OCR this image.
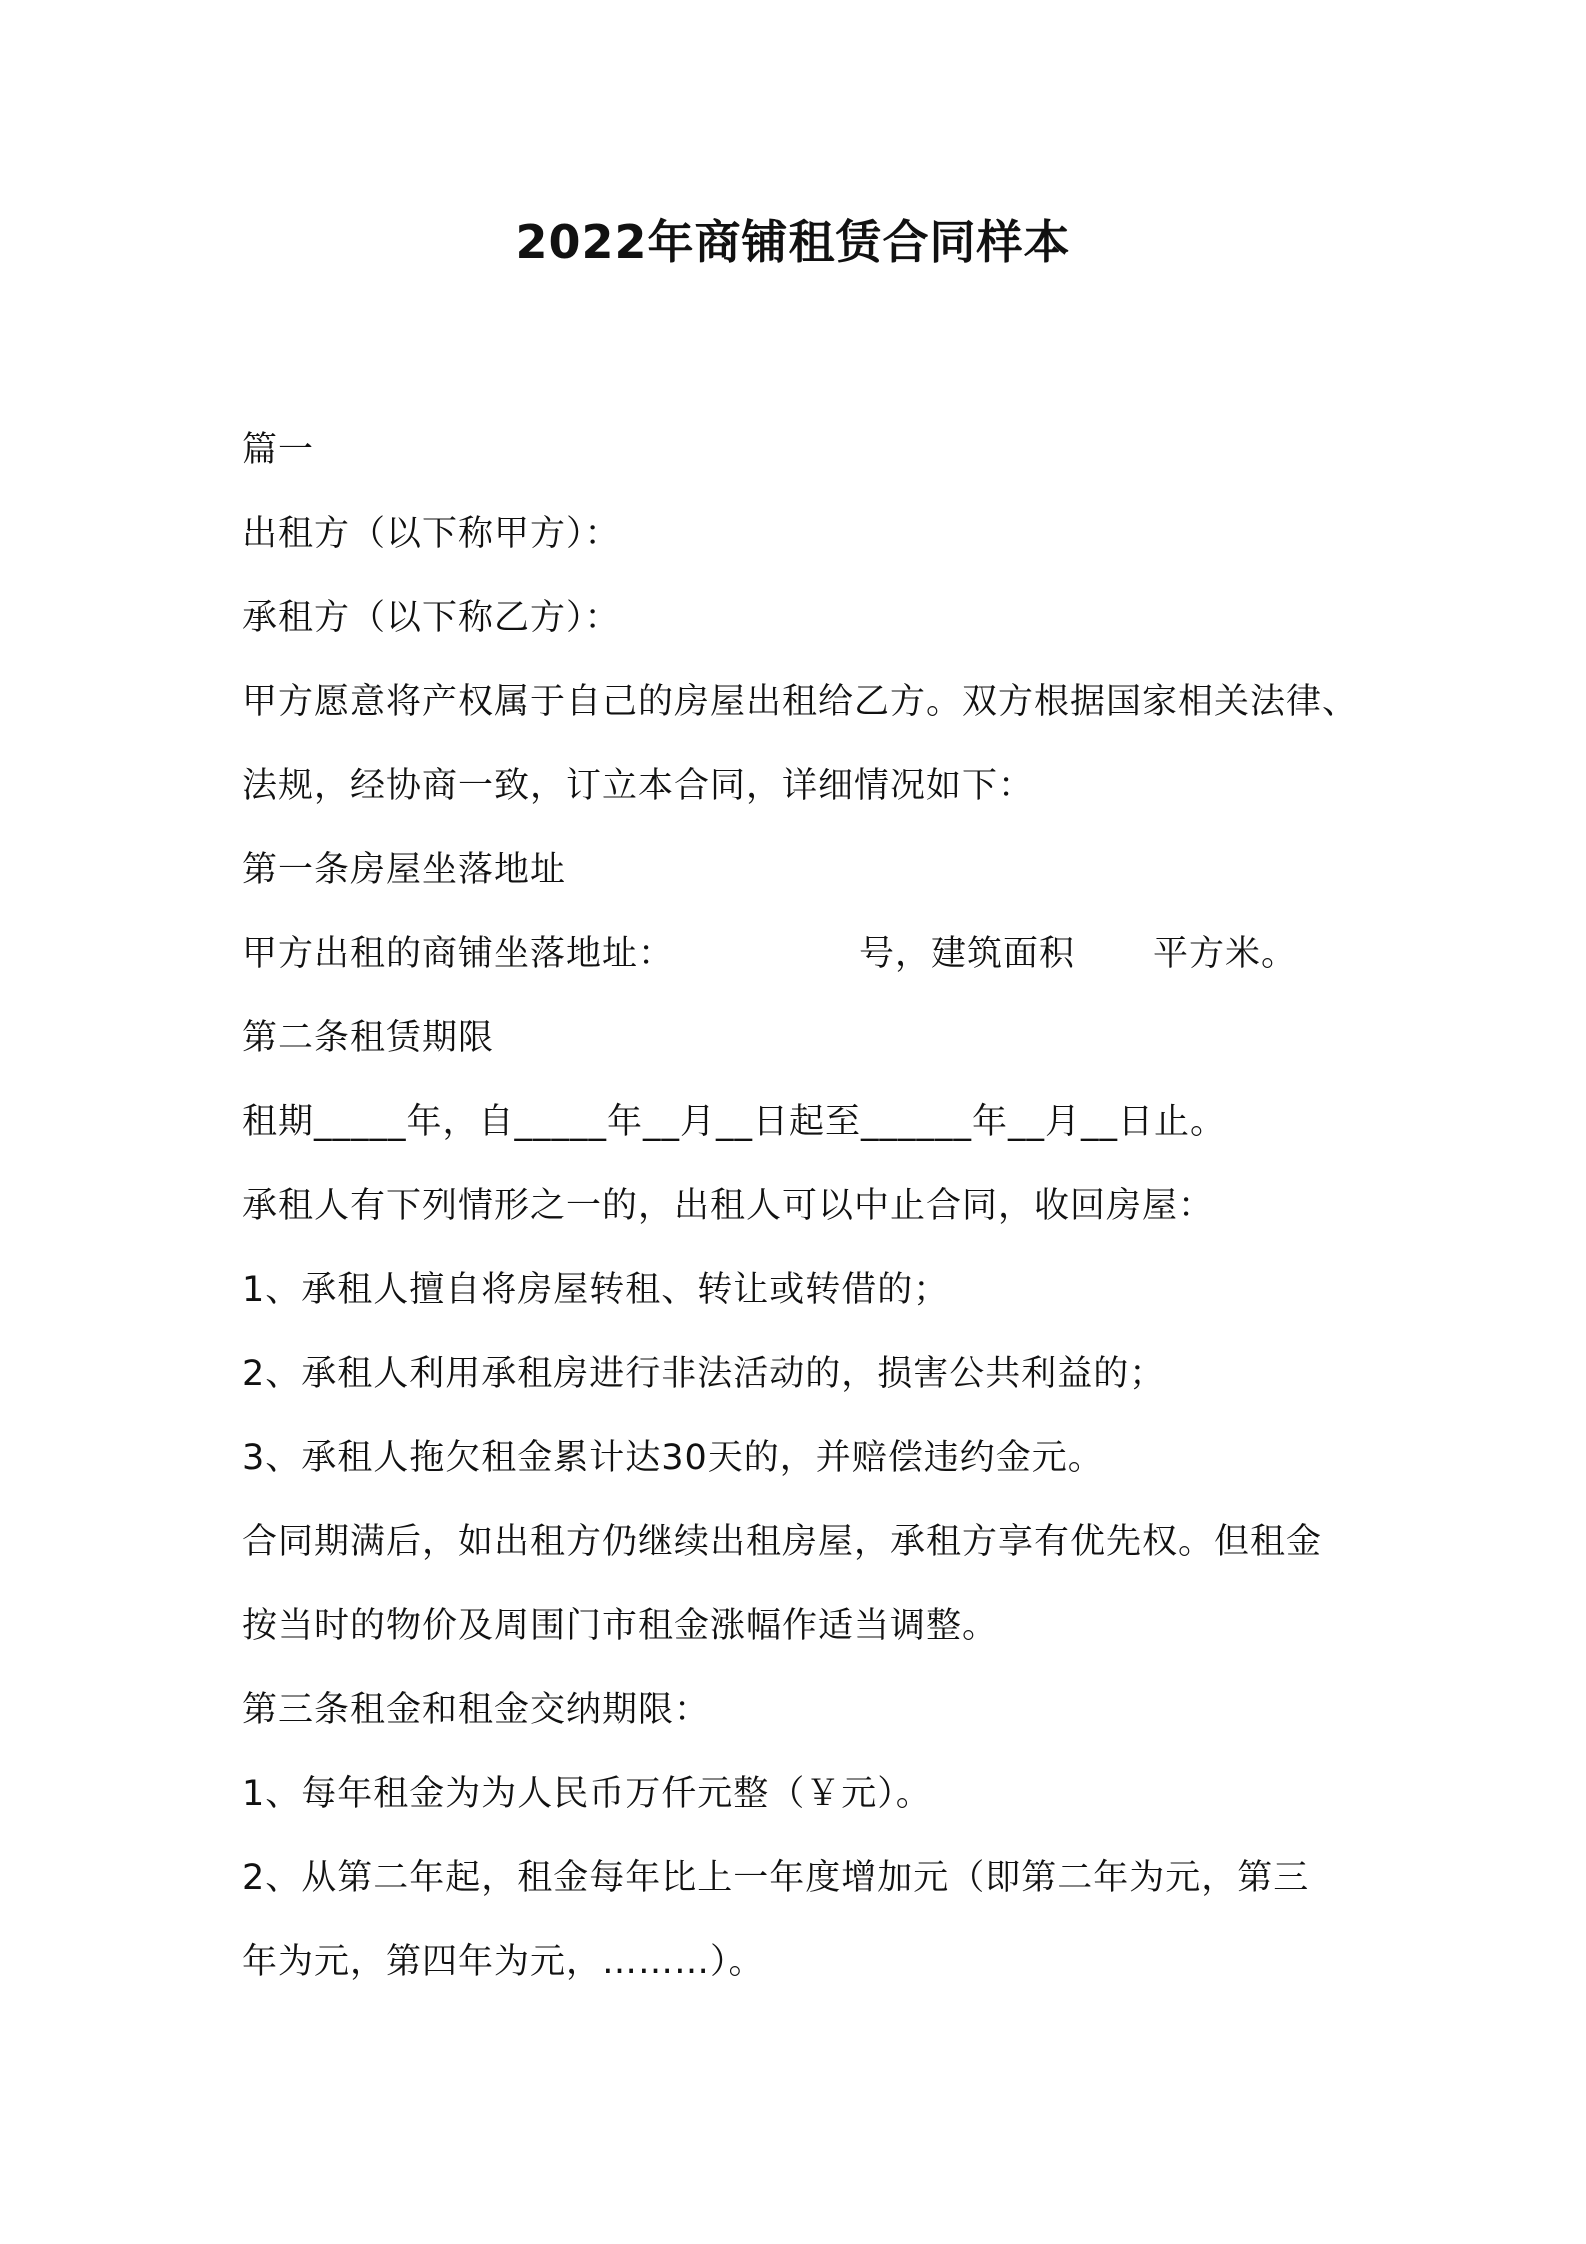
2022年商铺租赁合同样本
篇一
出租方（以下称甲方）：
承租方（以下称乙方）：
甲方愿意将产权属于自己的房屋出租给乙方。双方根据国家相关法律、
法规，经协商一致，订立本合同，详细情况如下：
第一条房屋坐落地址
甲方出租的商铺坐落地址：	号，建筑面积 平方米。
第二条租赁期限
租期_____年，自_____年__月__日起至______年__月__日止。
承租人有下列情形之一的，出租人可以中止合同，收回房屋：
1、承租人擅自将房屋转租、转让或转借的；
2、承租人利用承租房进行非法活动的，损害公共利益的；
3、承租人拖欠租金累计达30天的，并赔偿违约金元。
合同期满后，如出租方仍继续出租房屋，承租方享有优先权。但租金
按当时的物价及周围门市租金涨幅作适当调整。
第三条租金和租金交纳期限：
1、每年租金为为人民币万仟元整（￥元）。
2、从第二年起，租金每年比上一年度增加元（即第二年为元，第三
年为元，第四年为元，………）。
